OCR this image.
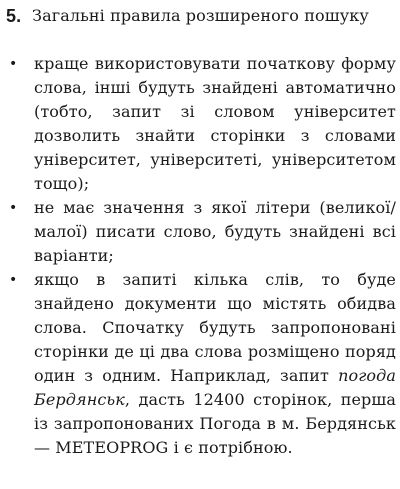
5. Загальні правила розширеного пошуку
• краще використовувати початкову форму слова, інші будуть знайдені автоматично (тобто, запит зі словом університет дозволить знайти сторінки з словами університет, університеті, університетом тощо);
• не має значення з якої літери (великої/малої) писати слово, будуть знайдені всі варіанти;
• якщо в запиті кілька слів, то буде знайдено документи що містять обидва слова. Спочатку будуть запропоновані сторінки де ці два слова розміщено поряд один з одним. Наприклад, запит погода Бердянськ, дасть 12400 сторінок, перша із запропонованих Погода в м. Бердянськ — METEOPROG і є потрібною.
